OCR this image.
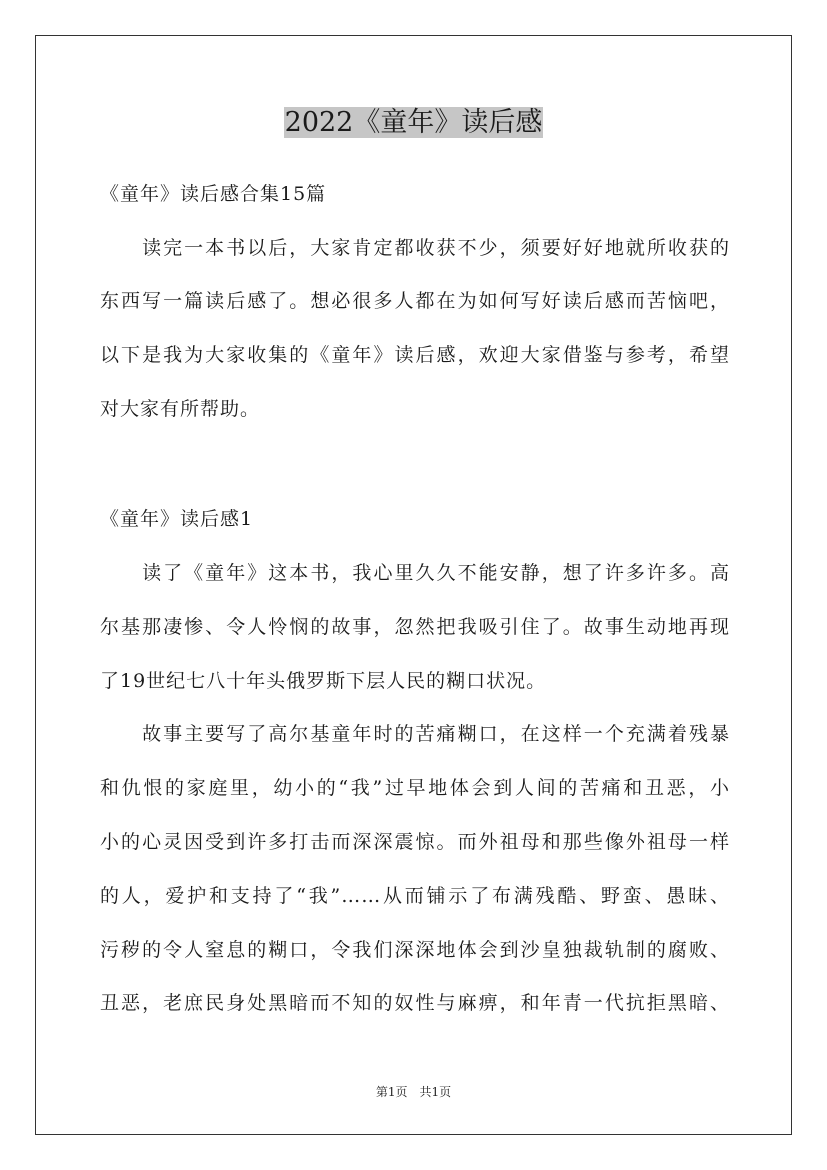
2022《童年》读后感
《童年》读后感合集15篇
　　读完一本书以后，大家肯定都收获不少，须要好好地就所收获的
东西写一篇读后感了。想必很多人都在为如何写好读后感而苦恼吧，
以下是我为大家收集的《童年》读后感，欢迎大家借鉴与参考，希望
对大家有所帮助。
《童年》读后感1
　　读了《童年》这本书，我心里久久不能安静，想了许多许多。高
尔基那凄惨、令人怜悯的故事，忽然把我吸引住了。故事生动地再现
了19世纪七八十年头俄罗斯下层人民的糊口状况。
　　故事主要写了高尔基童年时的苦痛糊口，在这样一个充满着残暴
和仇恨的家庭里，幼小的“我”过早地体会到人间的苦痛和丑恶，小
小的心灵因受到许多打击而深深震惊。而外祖母和那些像外祖母一样
的人，爱护和支持了“我”……从而铺示了布满残酷、野蛮、愚昧、
污秽的令人窒息的糊口，令我们深深地体会到沙皇独裁轨制的腐败、
丑恶，老庶民身处黑暗而不知的奴性与麻痹，和年青一代抗拒黑暗、
第1页　共1页
